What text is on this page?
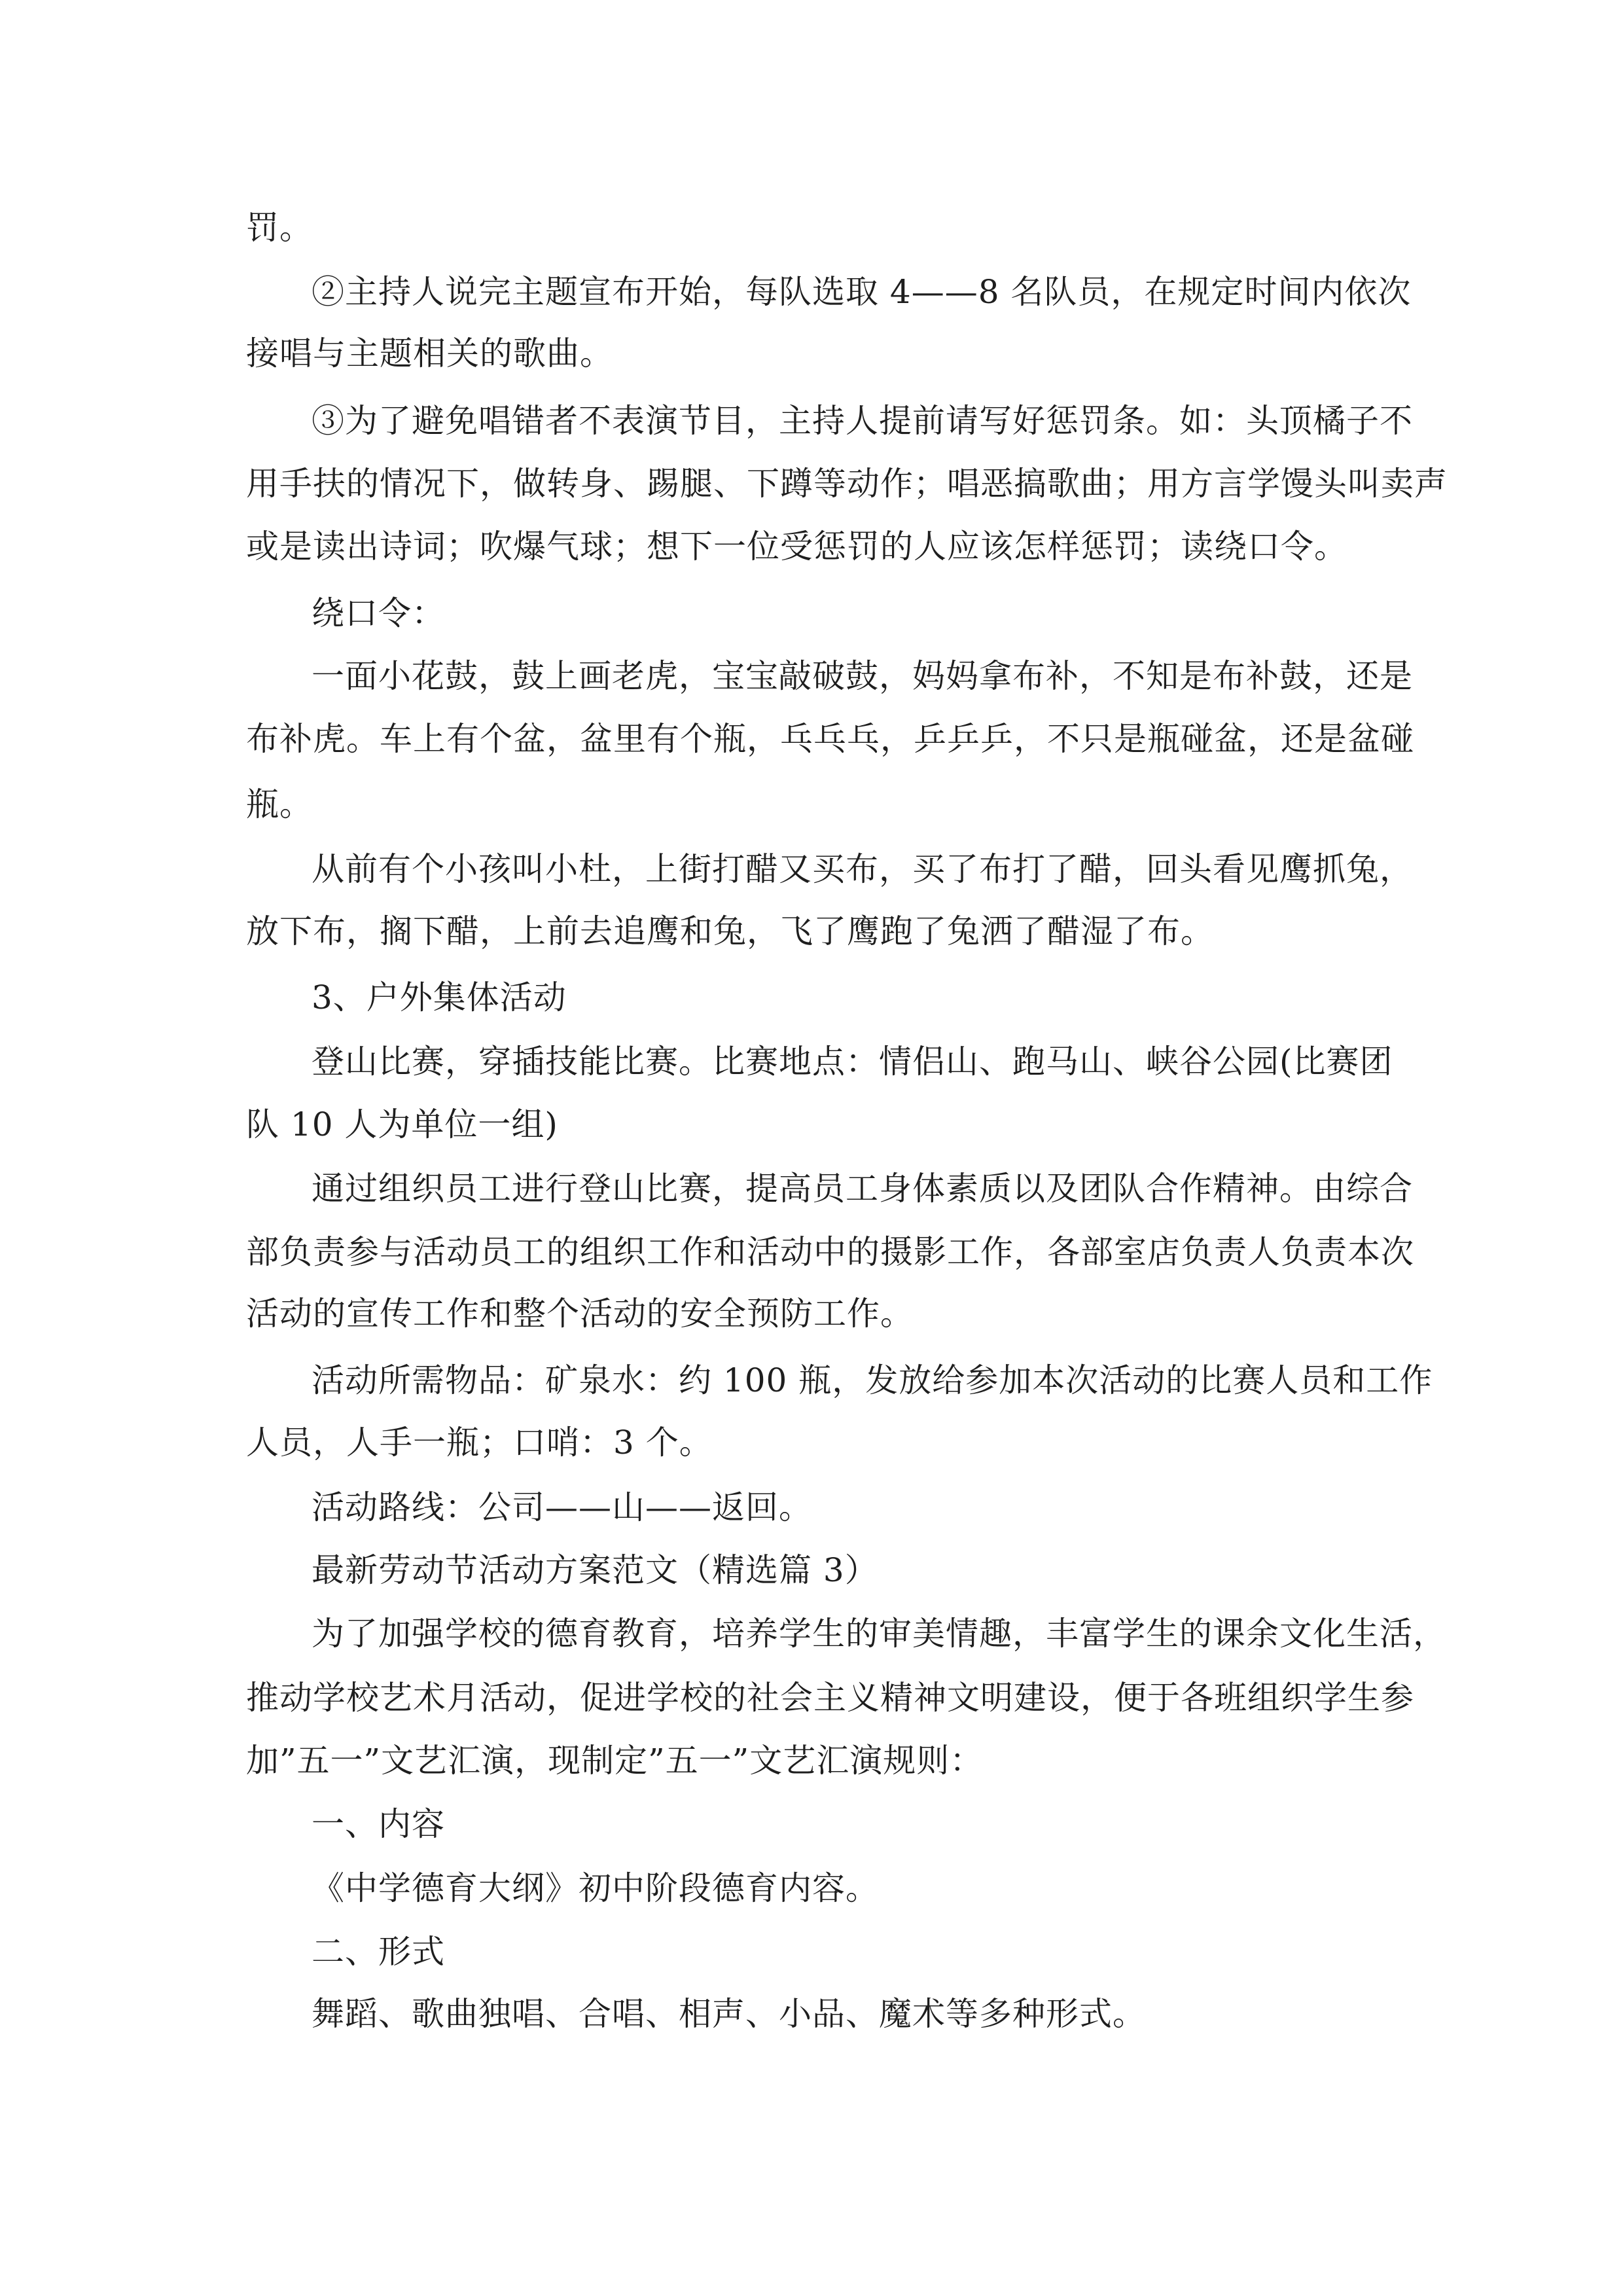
罚。

②主持人说完主题宣布开始，每队选取 4——8 名队员，在规定时间内依次

接唱与主题相关的歌曲。

③为了避免唱错者不表演节目，主持人提前请写好惩罚条。如：头顶橘子不

用手扶的情况下，做转身、踢腿、下蹲等动作；唱恶搞歌曲；用方言学馒头叫卖声

或是读出诗词；吹爆气球；想下一位受惩罚的人应该怎样惩罚；读绕口令。

绕口令：

一面小花鼓，鼓上画老虎，宝宝敲破鼓，妈妈拿布补，不知是布补鼓，还是

布补虎。车上有个盆，盆里有个瓶，乓乓乓，乒乒乒，不只是瓶碰盆，还是盆碰

瓶。

从前有个小孩叫小杜，上街打醋又买布，买了布打了醋，回头看见鹰抓兔，

放下布，搁下醋，上前去追鹰和兔，飞了鹰跑了兔洒了醋湿了布。

3、户外集体活动

登山比赛，穿插技能比赛。比赛地点：情侣山、跑马山、峡谷公园(比赛团

队 10 人为单位一组)

通过组织员工进行登山比赛，提高员工身体素质以及团队合作精神。由综合

部负责参与活动员工的组织工作和活动中的摄影工作，各部室店负责人负责本次

活动的宣传工作和整个活动的安全预防工作。

活动所需物品：矿泉水：约 100 瓶，发放给参加本次活动的比赛人员和工作

人员，人手一瓶；口哨：3 个。

活动路线：公司——山——返回。

最新劳动节活动方案范文（精选篇 3）

为了加强学校的德育教育，培养学生的审美情趣，丰富学生的课余文化生活，

推动学校艺术月活动，促进学校的社会主义精神文明建设，便于各班组织学生参

加”五一”文艺汇演，现制定”五一”文艺汇演规则：

一、内容

《中学德育大纲》初中阶段德育内容。

二、形式

舞蹈、歌曲独唱、合唱、相声、小品、魔术等多种形式。
